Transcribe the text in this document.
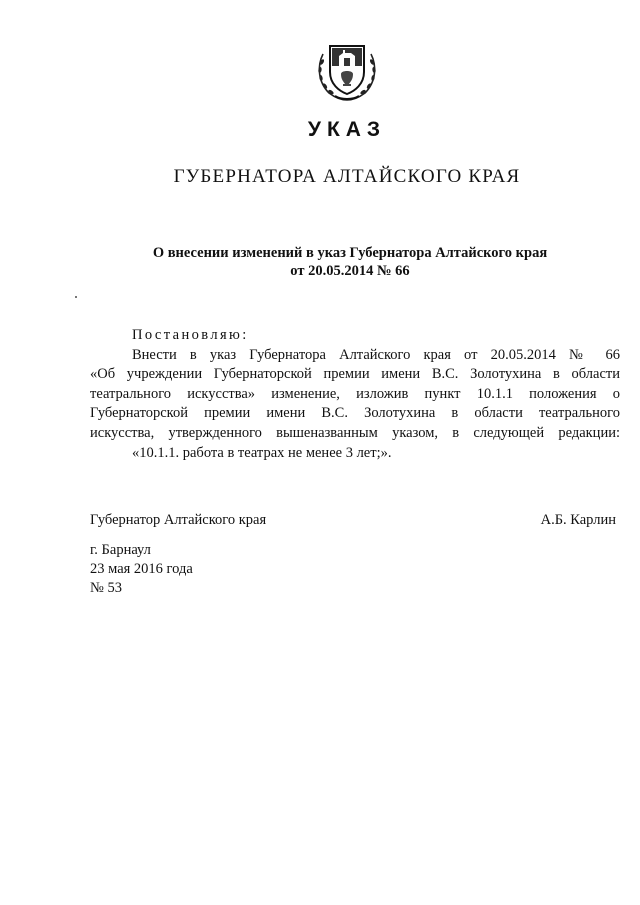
УКАЗ
ГУБЕРНАТОРА АЛТАЙСКОГО КРАЯ
О внесении изменений в указ Губернатора Алтайского края
от 20.05.2014 № 66
Постановляю:
Внести в указ Губернатора Алтайского края от 20.05.2014 № 66
«Об учреждении Губернаторской премии имени В.С. Золотухина в области
театрального искусства» изменение, изложив пункт 10.1.1 положения о
Губернаторской премии имени В.С. Золотухина в области театрального
искусства, утвержденного вышеназванным указом, в следующей редакции:
«10.1.1. работа в театрах не менее 3 лет;».
Губернатор Алтайского края	А.Б. Карлин
г. Барнаул
23 мая 2016 года
№ 53
